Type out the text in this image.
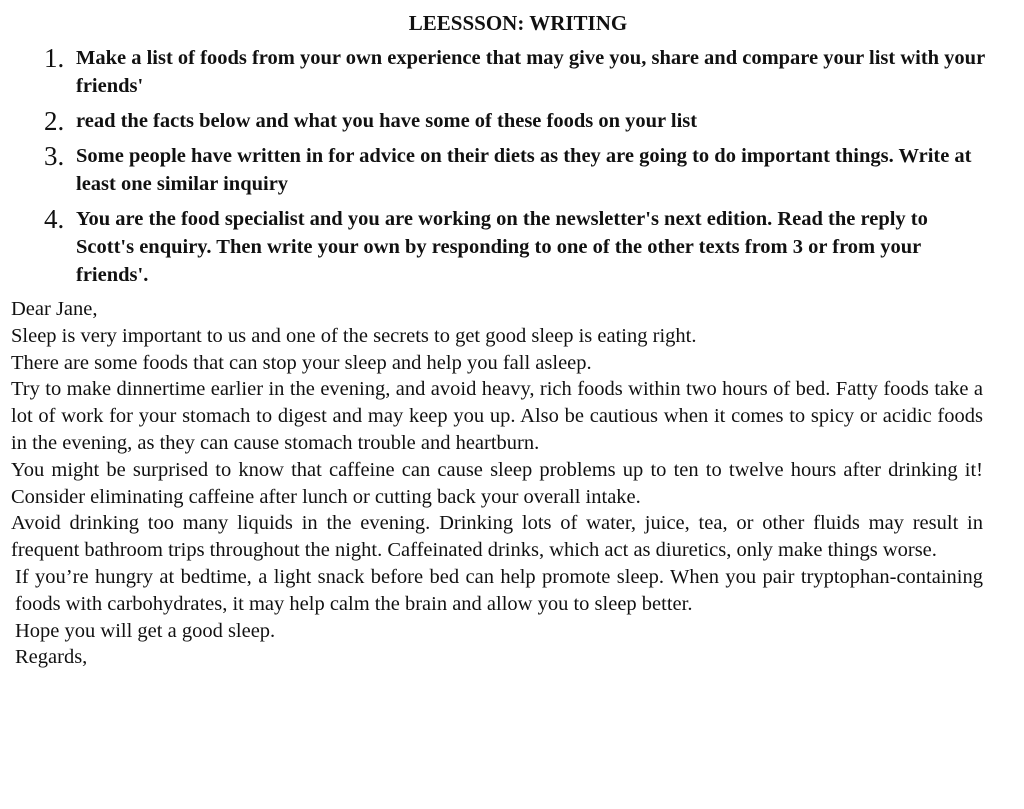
LEESSSON: WRITING
1. Make a list of foods from your own experience that may give you, share and compare your list with your friends'
2. read the facts below and what you have some of these foods on your list
3. Some people have written in for advice on their diets as they are going to do important things. Write at least one similar inquiry
4. You are the food specialist and you are working on the newsletter's next edition. Read the reply to Scott's enquiry. Then write your own by responding to one of the other texts from 3 or from your friends'.

Dear Jane,

Sleep is very important to us and one of the secrets to get good sleep is eating right.

There are some foods that can stop your sleep and help you fall asleep.

Try to make dinnertime earlier in the evening, and avoid heavy, rich foods within two hours of bed. Fatty foods take a lot of work for your stomach to digest and may keep you up. Also be cautious when it comes to spicy or acidic foods in the evening, as they can cause stomach trouble and heartburn.

You might be surprised to know that caffeine can cause sleep problems up to ten to twelve hours after drinking it! Consider eliminating caffeine after lunch or cutting back your overall intake.

Avoid drinking too many liquids in the evening. Drinking lots of water, juice, tea, or other fluids may result in frequent bathroom trips throughout the night. Caffeinated drinks, which act as diuretics, only make things worse.

If you’re hungry at bedtime, a light snack before bed can help promote sleep. When you pair tryptophan-containing foods with carbohydrates, it may help calm the brain and allow you to sleep better.

Hope you will get a good sleep.

Regards,
